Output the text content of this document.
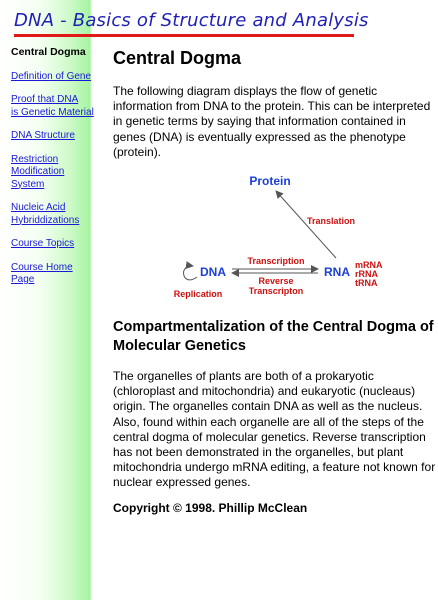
DNA - Basics of Structure and Analysis
Central Dogma
Definition of Gene
Proof that DNA
is Genetic Material
DNA Structure
Restriction
Modification
System
Nucleic Acid
Hybriddizations
Course Topics
Course Home
Page
Central Dogma

The following diagram displays the flow of genetic information from DNA to the protein. This can be interpreted in genetic terms by saying that information contained in genes (DNA) is eventually expressed as the phenotype (protein).

Protein
Translation
DNA	RNA
Transcription
Reverse
Transcripton
Replication
mRNA
rRNA
tRNA
Compartmentalization of the Central Dogma of Molecular Genetics

The organelles of plants are both of a prokaryotic (chloroplast and mitochondria) and eukaryotic (nucleaus) origin. The organelles contain DNA as well as the nucleus. Also, found within each organelle are all of the steps of the central dogma of molecular genetics. Reverse transcription has not been demonstrated in the organelles, but plant mitochondria undergo mRNA editing, a feature not known for nuclear expressed genes.

Copyright © 1998. Phillip McClean
